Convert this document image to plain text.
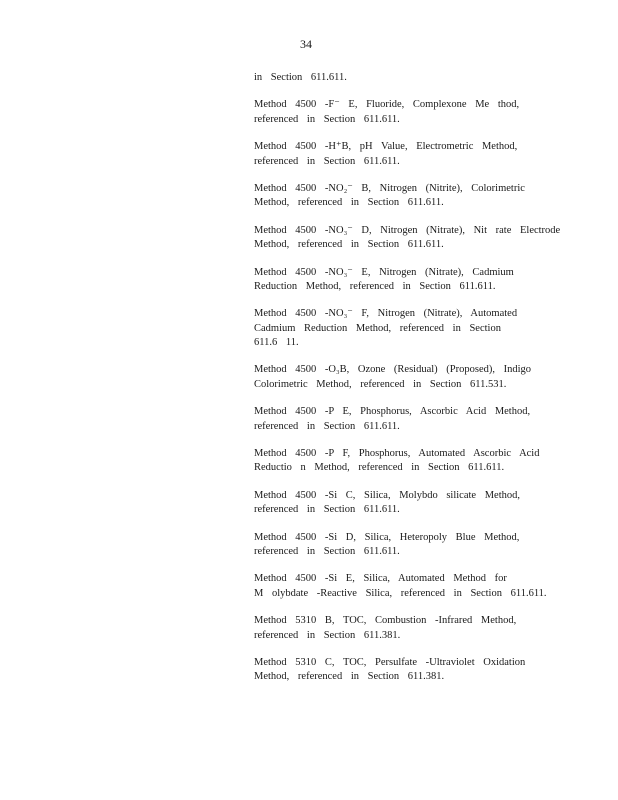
34
in Section 611.611.
Method 4500 -F⁻ E, Fluoride, Complexone Me thod,
referenced in Section 611.611.
Method 4500 -H⁺B, pH Value, Electrometric Method,
referenced in Section 611.611.
Method 4500 -NO₂⁻ B, Nitrogen (Nitrite), Colorimetric
Method, referenced in Section 611.611.
Method 4500 -NO₃⁻ D, Nitrogen (Nitrate), Nit rate Electrode
Method, referenced in Section 611.611.
Method 4500 -NO₃⁻ E, Nitrogen (Nitrate), Cadmium
Reduction Method, referenced in Section 611.611.
Method 4500 -NO₃⁻ F, Nitrogen (Nitrate), Automated
Cadmium Reduction Method, referenced in Section
611.6 11.
Method 4500 -O₃B, Ozone (Residual) (Proposed), Indigo
Colorimetric Method, referenced in Section 611.531.
Method 4500 -P E, Phosphorus, Ascorbic Acid Method,
referenced in Section 611.611.
Method 4500 -P F, Phosphorus, Automated Ascorbic Acid
Reductio n Method, referenced in Section 611.611.
Method 4500 -Si C, Silica, Molybdo silicate Method,
referenced in Section 611.611.
Method 4500 -Si D, Silica, Heteropoly Blue Method,
referenced in Section 611.611.
Method 4500 -Si E, Silica, Automated Method for
M olybdate -Reactive Silica, referenced in Section 611.611.
Method 5310 B, TOC, Combustion -Infrared Method,
referenced in Section 611.381.
Method 5310 C, TOC, Persulfate -Ultraviolet Oxidation
Method, referenced in Section 611.381.
